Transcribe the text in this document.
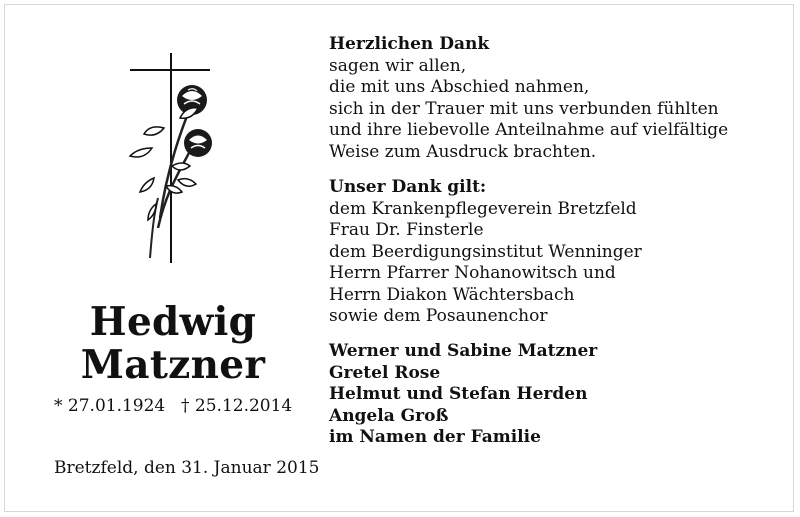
Hedwig
Matzner
* 27.01.1924 † 25.12.2014
Bretzfeld, den 31. Januar 2015
Herzlichen Dank
sagen wir allen,
die mit uns Abschied nahmen,
sich in der Trauer mit uns verbunden fühlten
und ihre liebevolle Anteilnahme auf vielfältige
Weise zum Ausdruck brachten.
Unser Dank gilt:
dem Krankenpflegeverein Bretzfeld
Frau Dr. Finsterle
dem Beerdigungsinstitut Wenninger
Herrn Pfarrer Nohanowitsch und
Herrn Diakon Wächtersbach
sowie dem Posaunenchor
Werner und Sabine Matzner
Gretel Rose
Helmut und Stefan Herden
Angela Groß
im Namen der Familie
